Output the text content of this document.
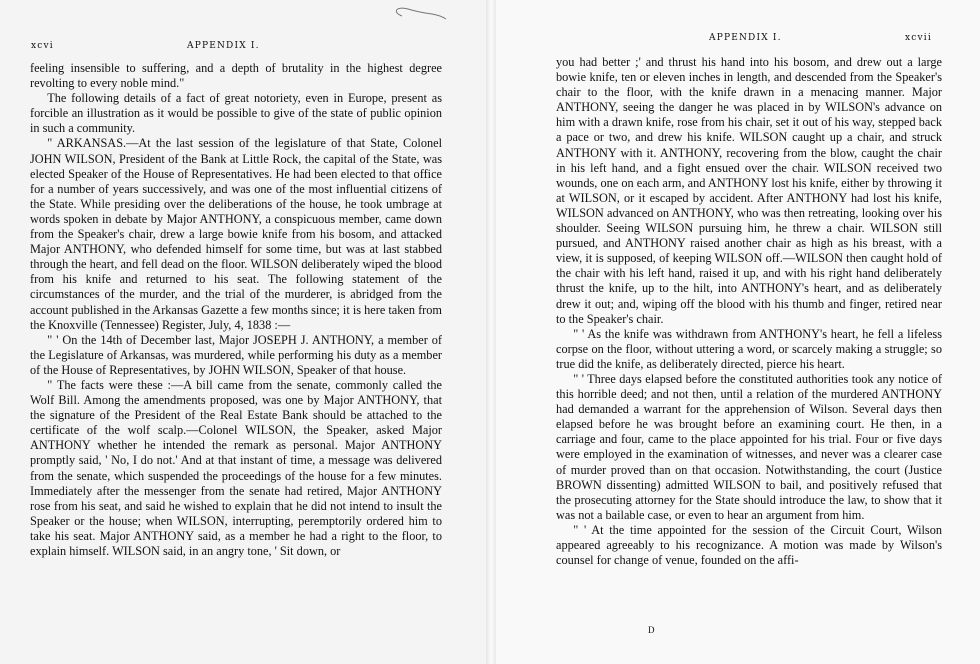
xcvi	APPENDIX I.

feeling insensible to suffering, and a depth of brutality in the highest degree revolting to every noble mind."

The following details of a fact of great notoriety, even in Europe, present as forcible an illustration as it would be possible to give of the state of public opinion in such a community.

" ARKANSAS.—At the last session of the legislature of that State, Colonel JOHN WILSON, President of the Bank at Little Rock, the capital of the State, was elected Speaker of the House of Representatives. He had been elected to that office for a number of years successively, and was one of the most influential citizens of the State. While presiding over the deliberations of the house, he took umbrage at words spoken in debate by Major ANTHONY, a conspicuous member, came down from the Speaker's chair, drew a large bowie knife from his bosom, and attacked Major ANTHONY, who defended himself for some time, but was at last stabbed through the heart, and fell dead on the floor. WILSON deliberately wiped the blood from his knife and returned to his seat. The following statement of the circumstances of the murder, and the trial of the murderer, is abridged from the account published in the Arkansas Gazette a few months since; it is here taken from the Knoxville (Tennessee) Register, July, 4, 1838 :—

" ' On the 14th of December last, Major JOSEPH J. ANTHONY, a member of the Legislature of Arkansas, was murdered, while performing his duty as a member of the House of Representatives, by JOHN WILSON, Speaker of that house.

" The facts were these :—A bill came from the senate, commonly called the Wolf Bill. Among the amendments proposed, was one by Major ANTHONY, that the signature of the President of the Real Estate Bank should be attached to the certificate of the wolf scalp.—Colonel WILSON, the Speaker, asked Major ANTHONY whether he intended the remark as personal. Major ANTHONY promptly said, ' No, I do not.' And at that instant of time, a message was delivered from the senate, which suspended the proceedings of the house for a few minutes. Immediately after the messenger from the senate had retired, Major ANTHONY rose from his seat, and said he wished to explain that he did not intend to insult the Speaker or the house; when WILSON, interrupting, peremptorily ordered him to take his seat. Major ANTHONY said, as a member he had a right to the floor, to explain himself. WILSON said, in an angry tone, ' Sit down, or

APPENDIX I.	xcvii

you had better ;' and thrust his hand into his bosom, and drew out a large bowie knife, ten or eleven inches in length, and descended from the Speaker's chair to the floor, with the knife drawn in a menacing manner. Major ANTHONY, seeing the danger he was placed in by WILSON's advance on him with a drawn knife, rose from his chair, set it out of his way, stepped back a pace or two, and drew his knife. WILSON caught up a chair, and struck ANTHONY with it. ANTHONY, recovering from the blow, caught the chair in his left hand, and a fight ensued over the chair. WILSON received two wounds, one on each arm, and ANTHONY lost his knife, either by throwing it at WILSON, or it escaped by accident. After ANTHONY had lost his knife, WILSON advanced on ANTHONY, who was then retreating, looking over his shoulder. Seeing WILSON pursuing him, he threw a chair. WILSON still pursued, and ANTHONY raised another chair as high as his breast, with a view, it is supposed, of keeping WILSON off.—WILSON then caught hold of the chair with his left hand, raised it up, and with his right hand deliberately thrust the knife, up to the hilt, into ANTHONY's heart, and as deliberately drew it out; and, wiping off the blood with his thumb and finger, retired near to the Speaker's chair.

" ' As the knife was withdrawn from ANTHONY's heart, he fell a lifeless corpse on the floor, without uttering a word, or scarcely making a struggle; so true did the knife, as deliberately directed, pierce his heart.

" ' Three days elapsed before the constituted authorities took any notice of this horrible deed; and not then, until a relation of the murdered ANTHONY had demanded a warrant for the apprehension of Wilson. Several days then elapsed before he was brought before an examining court. He then, in a carriage and four, came to the place appointed for his trial. Four or five days were employed in the examination of witnesses, and never was a clearer case of murder proved than on that occasion. Notwithstanding, the court (Justice BROWN dissenting) admitted WILSON to bail, and positively refused that the prosecuting attorney for the State should introduce the law, to show that it was not a bailable case, or even to hear an argument from him.

" ' At the time appointed for the session of the Circuit Court, Wilson appeared agreeably to his recognizance. A motion was made by Wilson's counsel for change of venue, founded on the affi-

D
